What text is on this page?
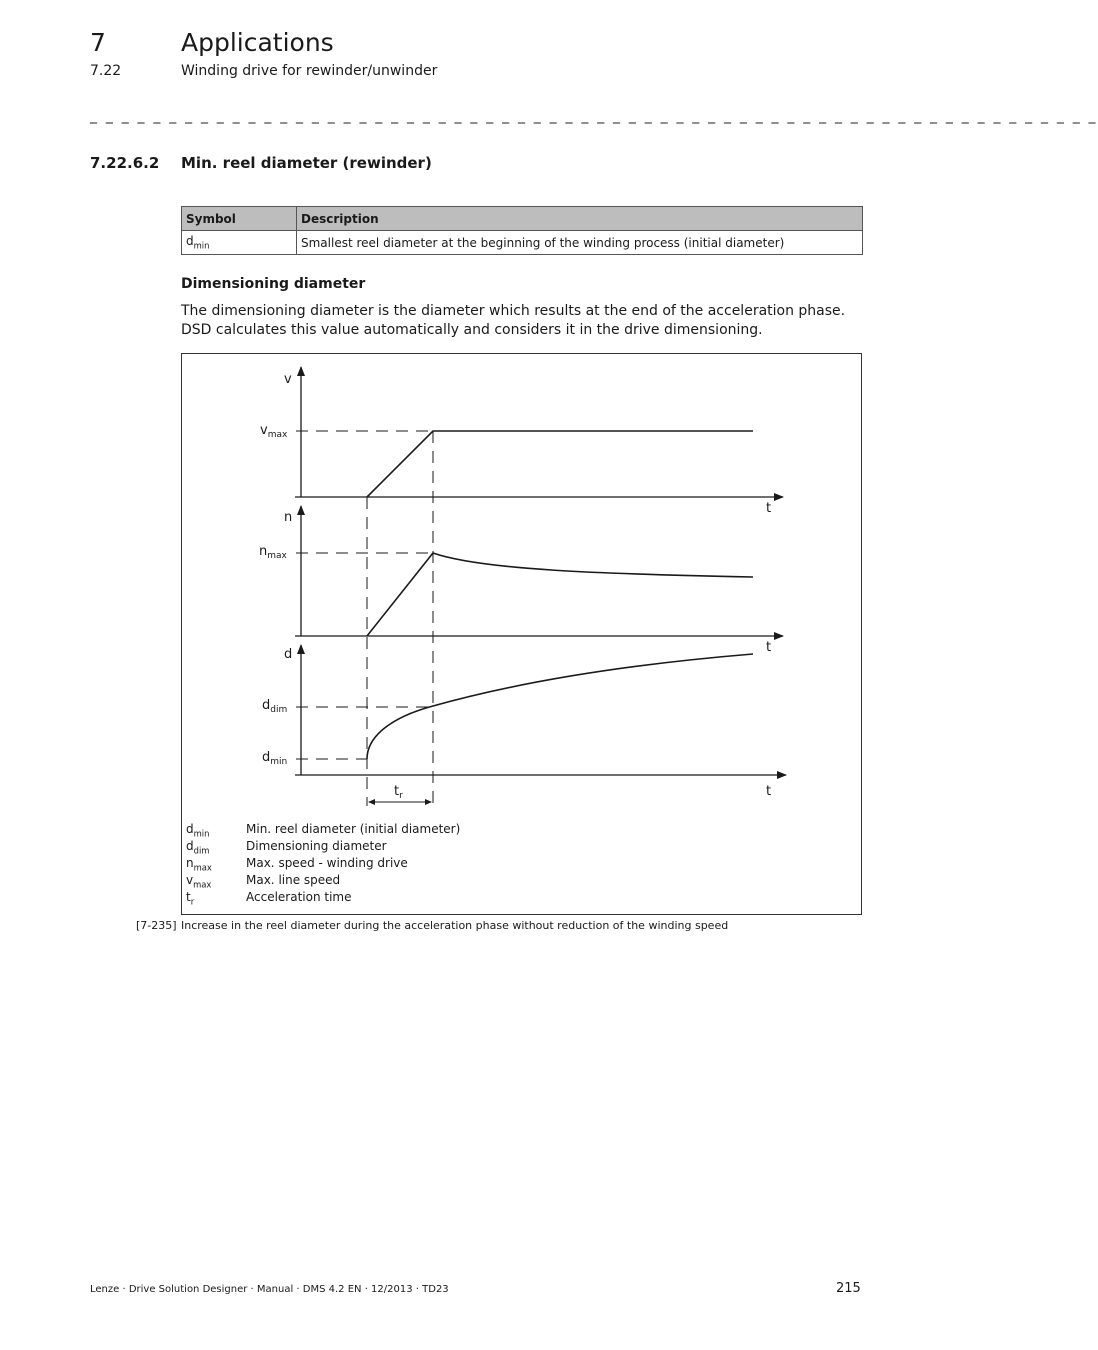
7	Applications
7.22	Winding drive for rewinder/unwinder
_ _ _ _ _ _ _ _ _ _ _ _ _ _ _ _ _ _ _ _ _ _ _ _ _ _ _ _ _ _ _ _ _ _ _ _ _ _ _ _ _ _ _ _ _ _ _ _ _ _ _ _ _ _ _ _ _ _ _ _ _ _ _ _
7.22.6.2 Min. reel diameter (rewinder)
Symbol	Description
$d_{min}$	Smallest reel diameter at the beginning of the winding process (initial diameter)
Dimensioning diameter
The dimensioning diameter is the diameter which results at the end of the acceleration phase. DSD calculates this value automatically and considers it in the drive dimensioning.
v
$v_{max}$
t
n
$n_{max}$
t
d
$d_{dim}$
$d_{min}$
t
$t_r$
$d_{min}$	Min. reel diameter (initial diameter)
$d_{dim}$	Dimensioning diameter
$n_{max}$	Max. speed - winding drive
$v_{max}$	Max. line speed
$t_r$	Acceleration time
[7-235] Increase in the reel diameter during the acceleration phase without reduction of the winding speed
Lenze · Drive Solution Designer · Manual · DMS 4.2 EN · 12/2013 · TD23	215
